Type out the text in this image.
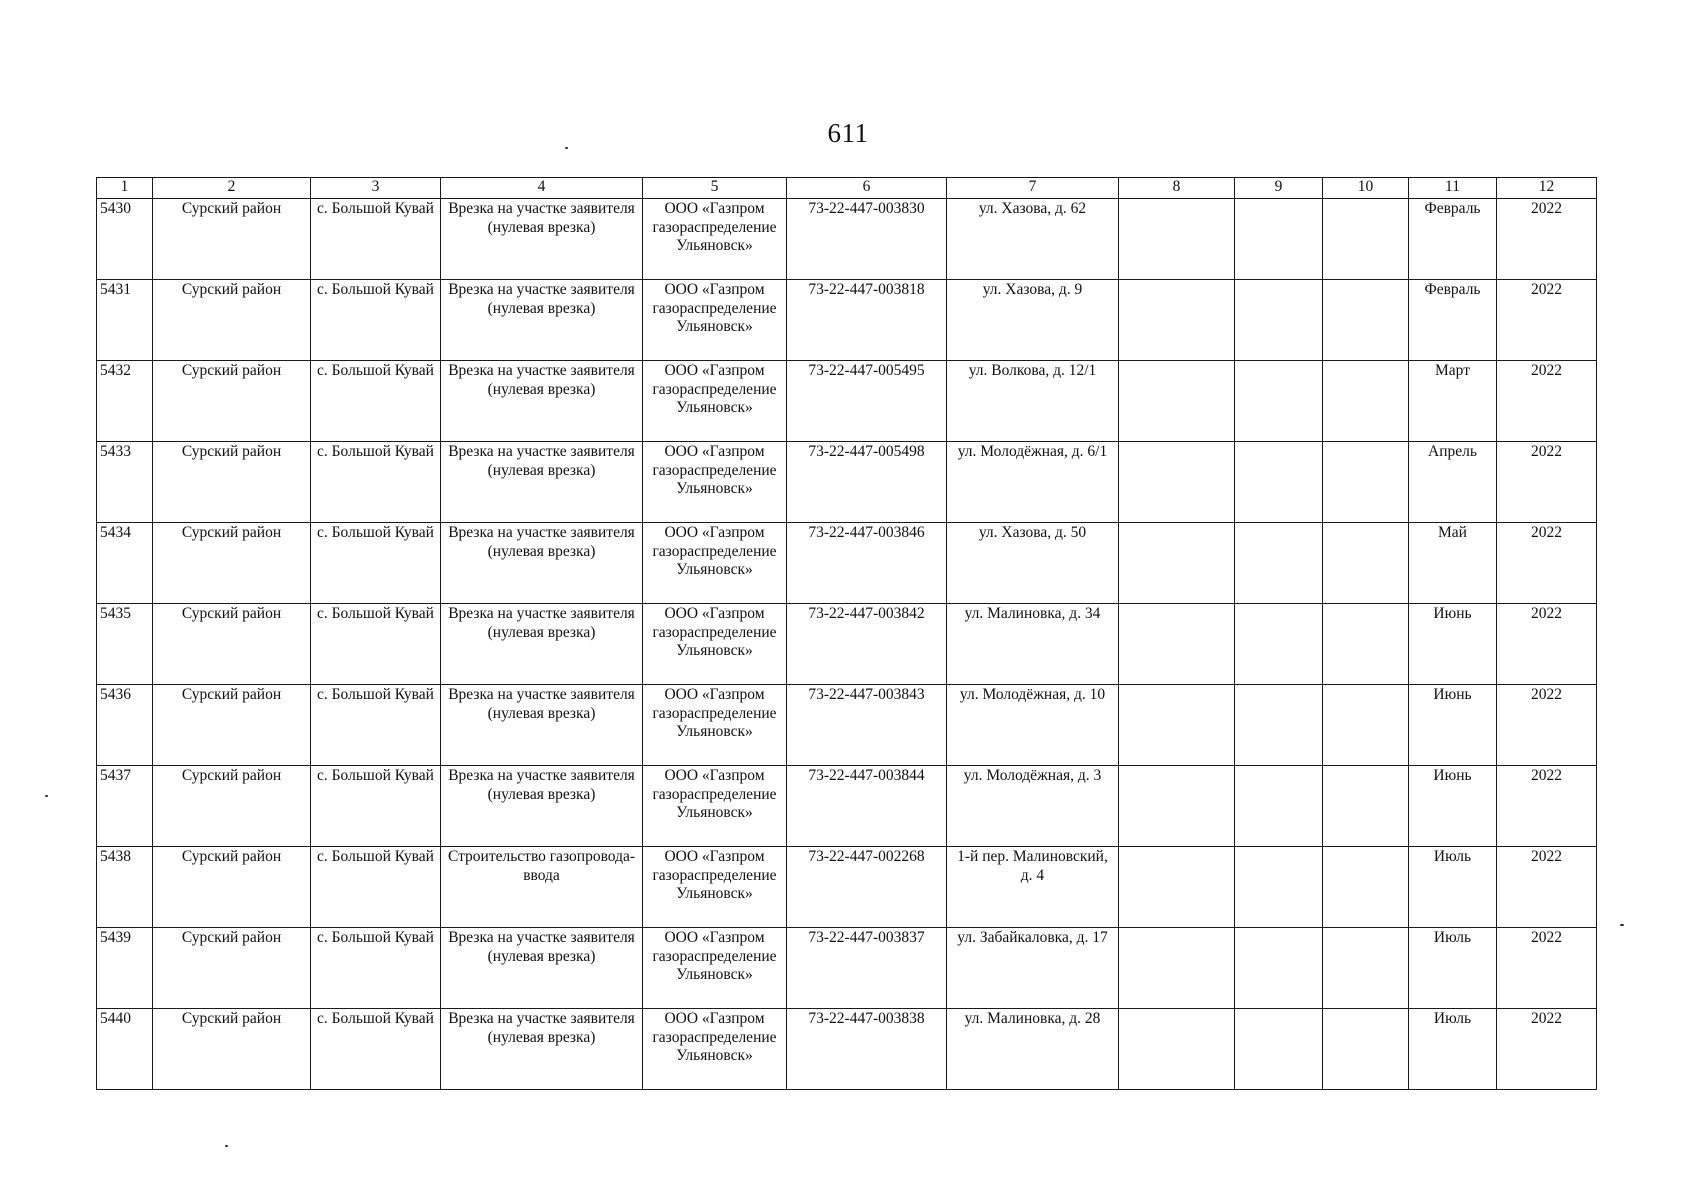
611
1	2	3	4	5	6	7	8	9	10	11	12
5430	Сурский район	с. Большой Кувай	Врезка на участке заявителя (нулевая врезка)	ООО «Газпром газораспределение Ульяновск»	73-22-447-003830	ул. Хазова, д. 62				Февраль	2022
5431	Сурский район	с. Большой Кувай	Врезка на участке заявителя (нулевая врезка)	ООО «Газпром газораспределение Ульяновск»	73-22-447-003818	ул. Хазова, д. 9				Февраль	2022
5432	Сурский район	с. Большой Кувай	Врезка на участке заявителя (нулевая врезка)	ООО «Газпром газораспределение Ульяновск»	73-22-447-005495	ул. Волкова, д. 12/1				Март	2022
5433	Сурский район	с. Большой Кувай	Врезка на участке заявителя (нулевая врезка)	ООО «Газпром газораспределение Ульяновск»	73-22-447-005498	ул. Молодёжная, д. 6/1				Апрель	2022
5434	Сурский район	с. Большой Кувай	Врезка на участке заявителя (нулевая врезка)	ООО «Газпром газораспределение Ульяновск»	73-22-447-003846	ул. Хазова, д. 50				Май	2022
5435	Сурский район	с. Большой Кувай	Врезка на участке заявителя (нулевая врезка)	ООО «Газпром газораспределение Ульяновск»	73-22-447-003842	ул. Малиновка, д. 34				Июнь	2022
5436	Сурский район	с. Большой Кувай	Врезка на участке заявителя (нулевая врезка)	ООО «Газпром газораспределение Ульяновск»	73-22-447-003843	ул. Молодёжная, д. 10				Июнь	2022
5437	Сурский район	с. Большой Кувай	Врезка на участке заявителя (нулевая врезка)	ООО «Газпром газораспределение Ульяновск»	73-22-447-003844	ул. Молодёжная, д. 3				Июнь	2022
5438	Сурский район	с. Большой Кувай	Строительство газопровода-ввода	ООО «Газпром газораспределение Ульяновск»	73-22-447-002268	1-й пер. Малиновский, д. 4				Июль	2022
5439	Сурский район	с. Большой Кувай	Врезка на участке заявителя (нулевая врезка)	ООО «Газпром газораспределение Ульяновск»	73-22-447-003837	ул. Забайкаловка, д. 17				Июль	2022
5440	Сурский район	с. Большой Кувай	Врезка на участке заявителя (нулевая врезка)	ООО «Газпром газораспределение Ульяновск»	73-22-447-003838	ул. Малиновка, д. 28				Июль	2022
